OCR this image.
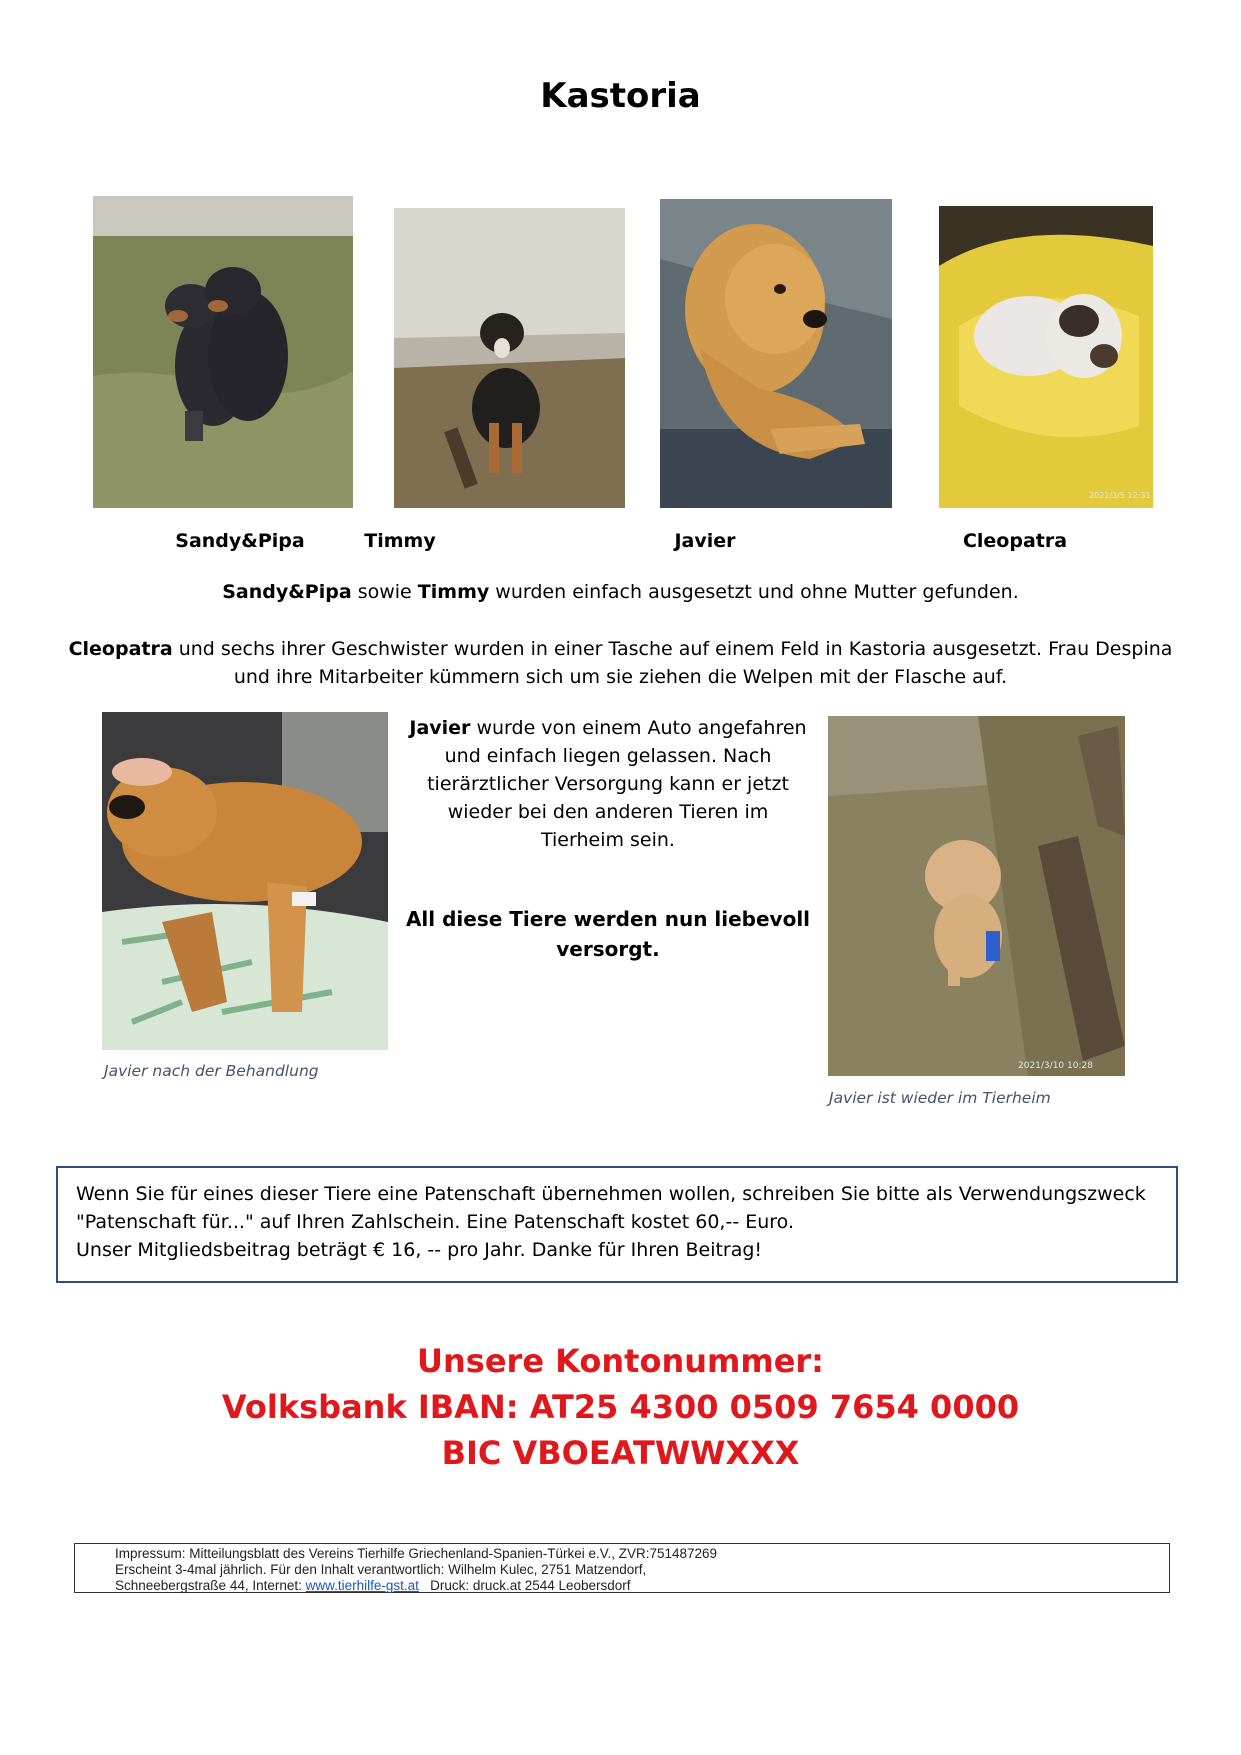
Kastoria
2021/3/5 12:31
Sandy&Pipa	Timmy	Javier	Cleopatra
Sandy&Pipa sowie Timmy wurden einfach ausgesetzt und ohne Mutter gefunden.
Cleopatra und sechs ihrer Geschwister wurden in einer Tasche auf einem Feld in Kastoria ausgesetzt. Frau Despina
und ihre Mitarbeiter kümmern sich um sie ziehen die Welpen mit der Flasche auf.
Javier nach der Behandlung
Javier wurde von einem Auto angefahren und einfach liegen gelassen. Nach tierärztlicher Versorgung kann er jetzt wieder bei den anderen Tieren im Tierheim sein.
All diese Tiere werden nun liebevoll versorgt.
2021/3/10 10:28
Javier ist wieder im Tierheim
Wenn Sie für eines dieser Tiere eine Patenschaft übernehmen wollen, schreiben Sie bitte als Verwendungszweck
"Patenschaft für..." auf Ihren Zahlschein. Eine Patenschaft kostet 60,-- Euro.
Unser Mitgliedsbeitrag beträgt € 16, -- pro Jahr. Danke für Ihren Beitrag!
Unsere Kontonummer:
Volksbank IBAN: AT25 4300 0509 7654 0000
BIC VBOEATWWXXX
Impressum: Mitteilungsblatt des Vereins Tierhilfe Griechenland-Spanien-Türkei e.V., ZVR:751487269
Erscheint 3-4mal jährlich. Für den Inhalt verantwortlich: Wilhelm Kulec, 2751 Matzendorf,
Schneebergstraße 44, Internet: www.tierhilfe-gst.at   Druck: druck.at 2544 Leobersdorf
